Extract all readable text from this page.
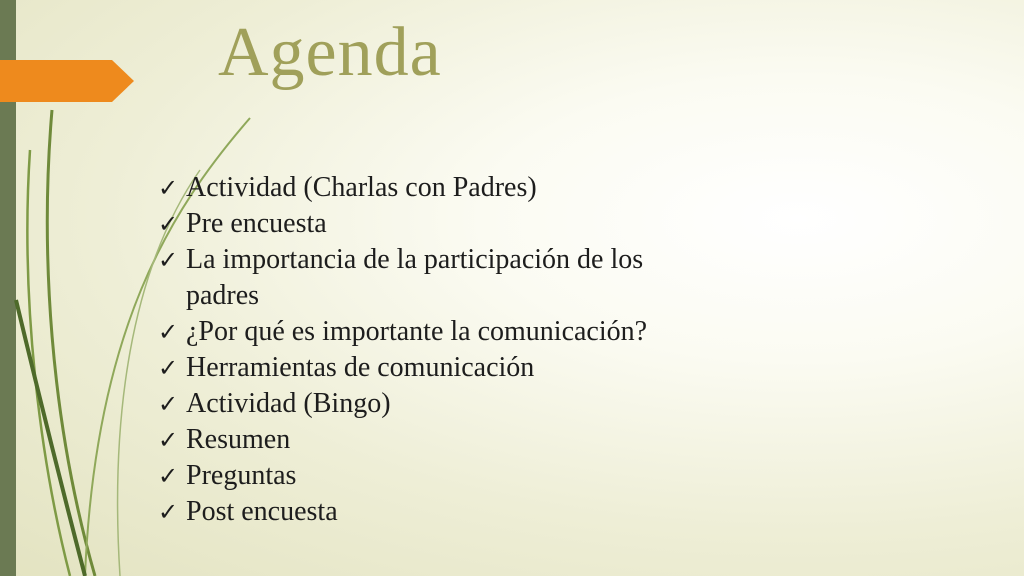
Agenda
✓ Actividad (Charlas con Padres)
✓ Pre encuesta
✓ La importancia de la participación de los padres
✓ ¿Por qué es importante la comunicación?
✓ Herramientas de comunicación
✓ Actividad (Bingo)
✓ Resumen
✓ Preguntas
✓ Post encuesta
